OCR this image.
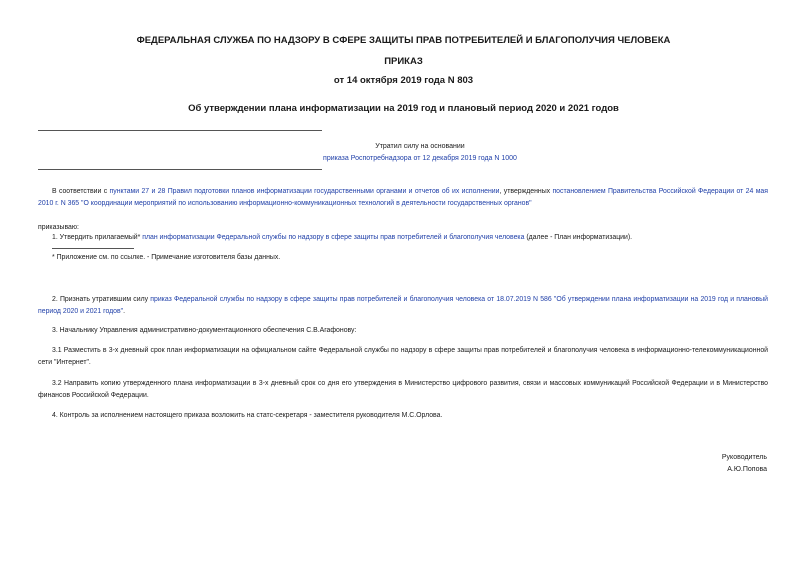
ФЕДЕРАЛЬНАЯ СЛУЖБА ПО НАДЗОРУ В СФЕРЕ ЗАЩИТЫ ПРАВ ПОТРЕБИТЕЛЕЙ И БЛАГОПОЛУЧИЯ ЧЕЛОВЕКА
ПРИКАЗ
от 14 октября 2019 года N 803
Об утверждении плана информатизации на 2019 год и плановый период 2020 и 2021 годов
Утратил силу на основании
приказа Роспотребнадзора от 12 декабря 2019 года N 1000
В соответствии с пунктами 27 и 28 Правил подготовки планов информатизации государственными органами и отчетов об их исполнении, утвержденных постановлением Правительства Российской Федерации от 24 мая 2010 г. N 365 "О координации мероприятий по использованию информационно-коммуникационных технологий в деятельности государственных органов"
приказываю:
1. Утвердить прилагаемый* план информатизации Федеральной службы по надзору в сфере защиты прав потребителей и благополучия человека (далее - План информатизации).
* Приложение см. по ссылке. - Примечание изготовителя базы данных.
2. Признать утратившим силу приказ Федеральной службы по надзору в сфере защиты прав потребителей и благополучия человека от 18.07.2019 N 586 "Об утверждении плана информатизации на 2019 год и плановый период 2020 и 2021 годов".
3. Начальнику Управления административно-документационного обеспечения С.В.Агафонову:
3.1 Разместить в 3-х дневный срок план информатизации на официальном сайте Федеральной службы по надзору в сфере защиты прав потребителей и благополучия человека в информационно-телекоммуникационной сети "Интернет".
3.2 Направить копию утвержденного плана информатизации в 3-х дневный срок со дня его утверждения в Министерство цифрового развития, связи и массовых коммуникаций Российской Федерации и в Министерство финансов Российской Федерации.
4. Контроль за исполнением настоящего приказа возложить на статс-секретаря - заместителя руководителя М.С.Орлова.
Руководитель
А.Ю.Попова
